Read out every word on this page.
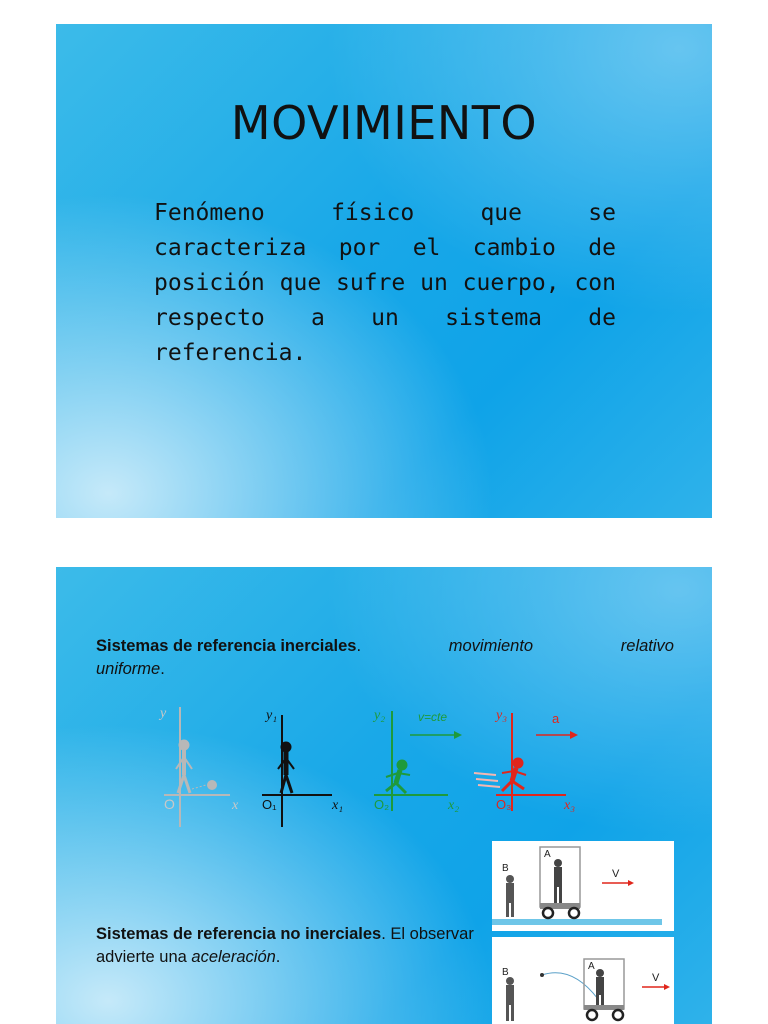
MOVIMIENTO
Fenómeno físico que se caracteriza por el cambio de posición que sufre un cuerpo, con respecto a un sistema de referencia.
Sistemas de referencia inerciales.	movimiento	relativo
uniforme.
y
x
O
y₁
x₁
O₁
y₂
x₂
O₂
v=cte	y₃
x₃
O₃
a
B
A
V
B
A
V
Sistemas de referencia no inerciales. El observar advierte una aceleración.
